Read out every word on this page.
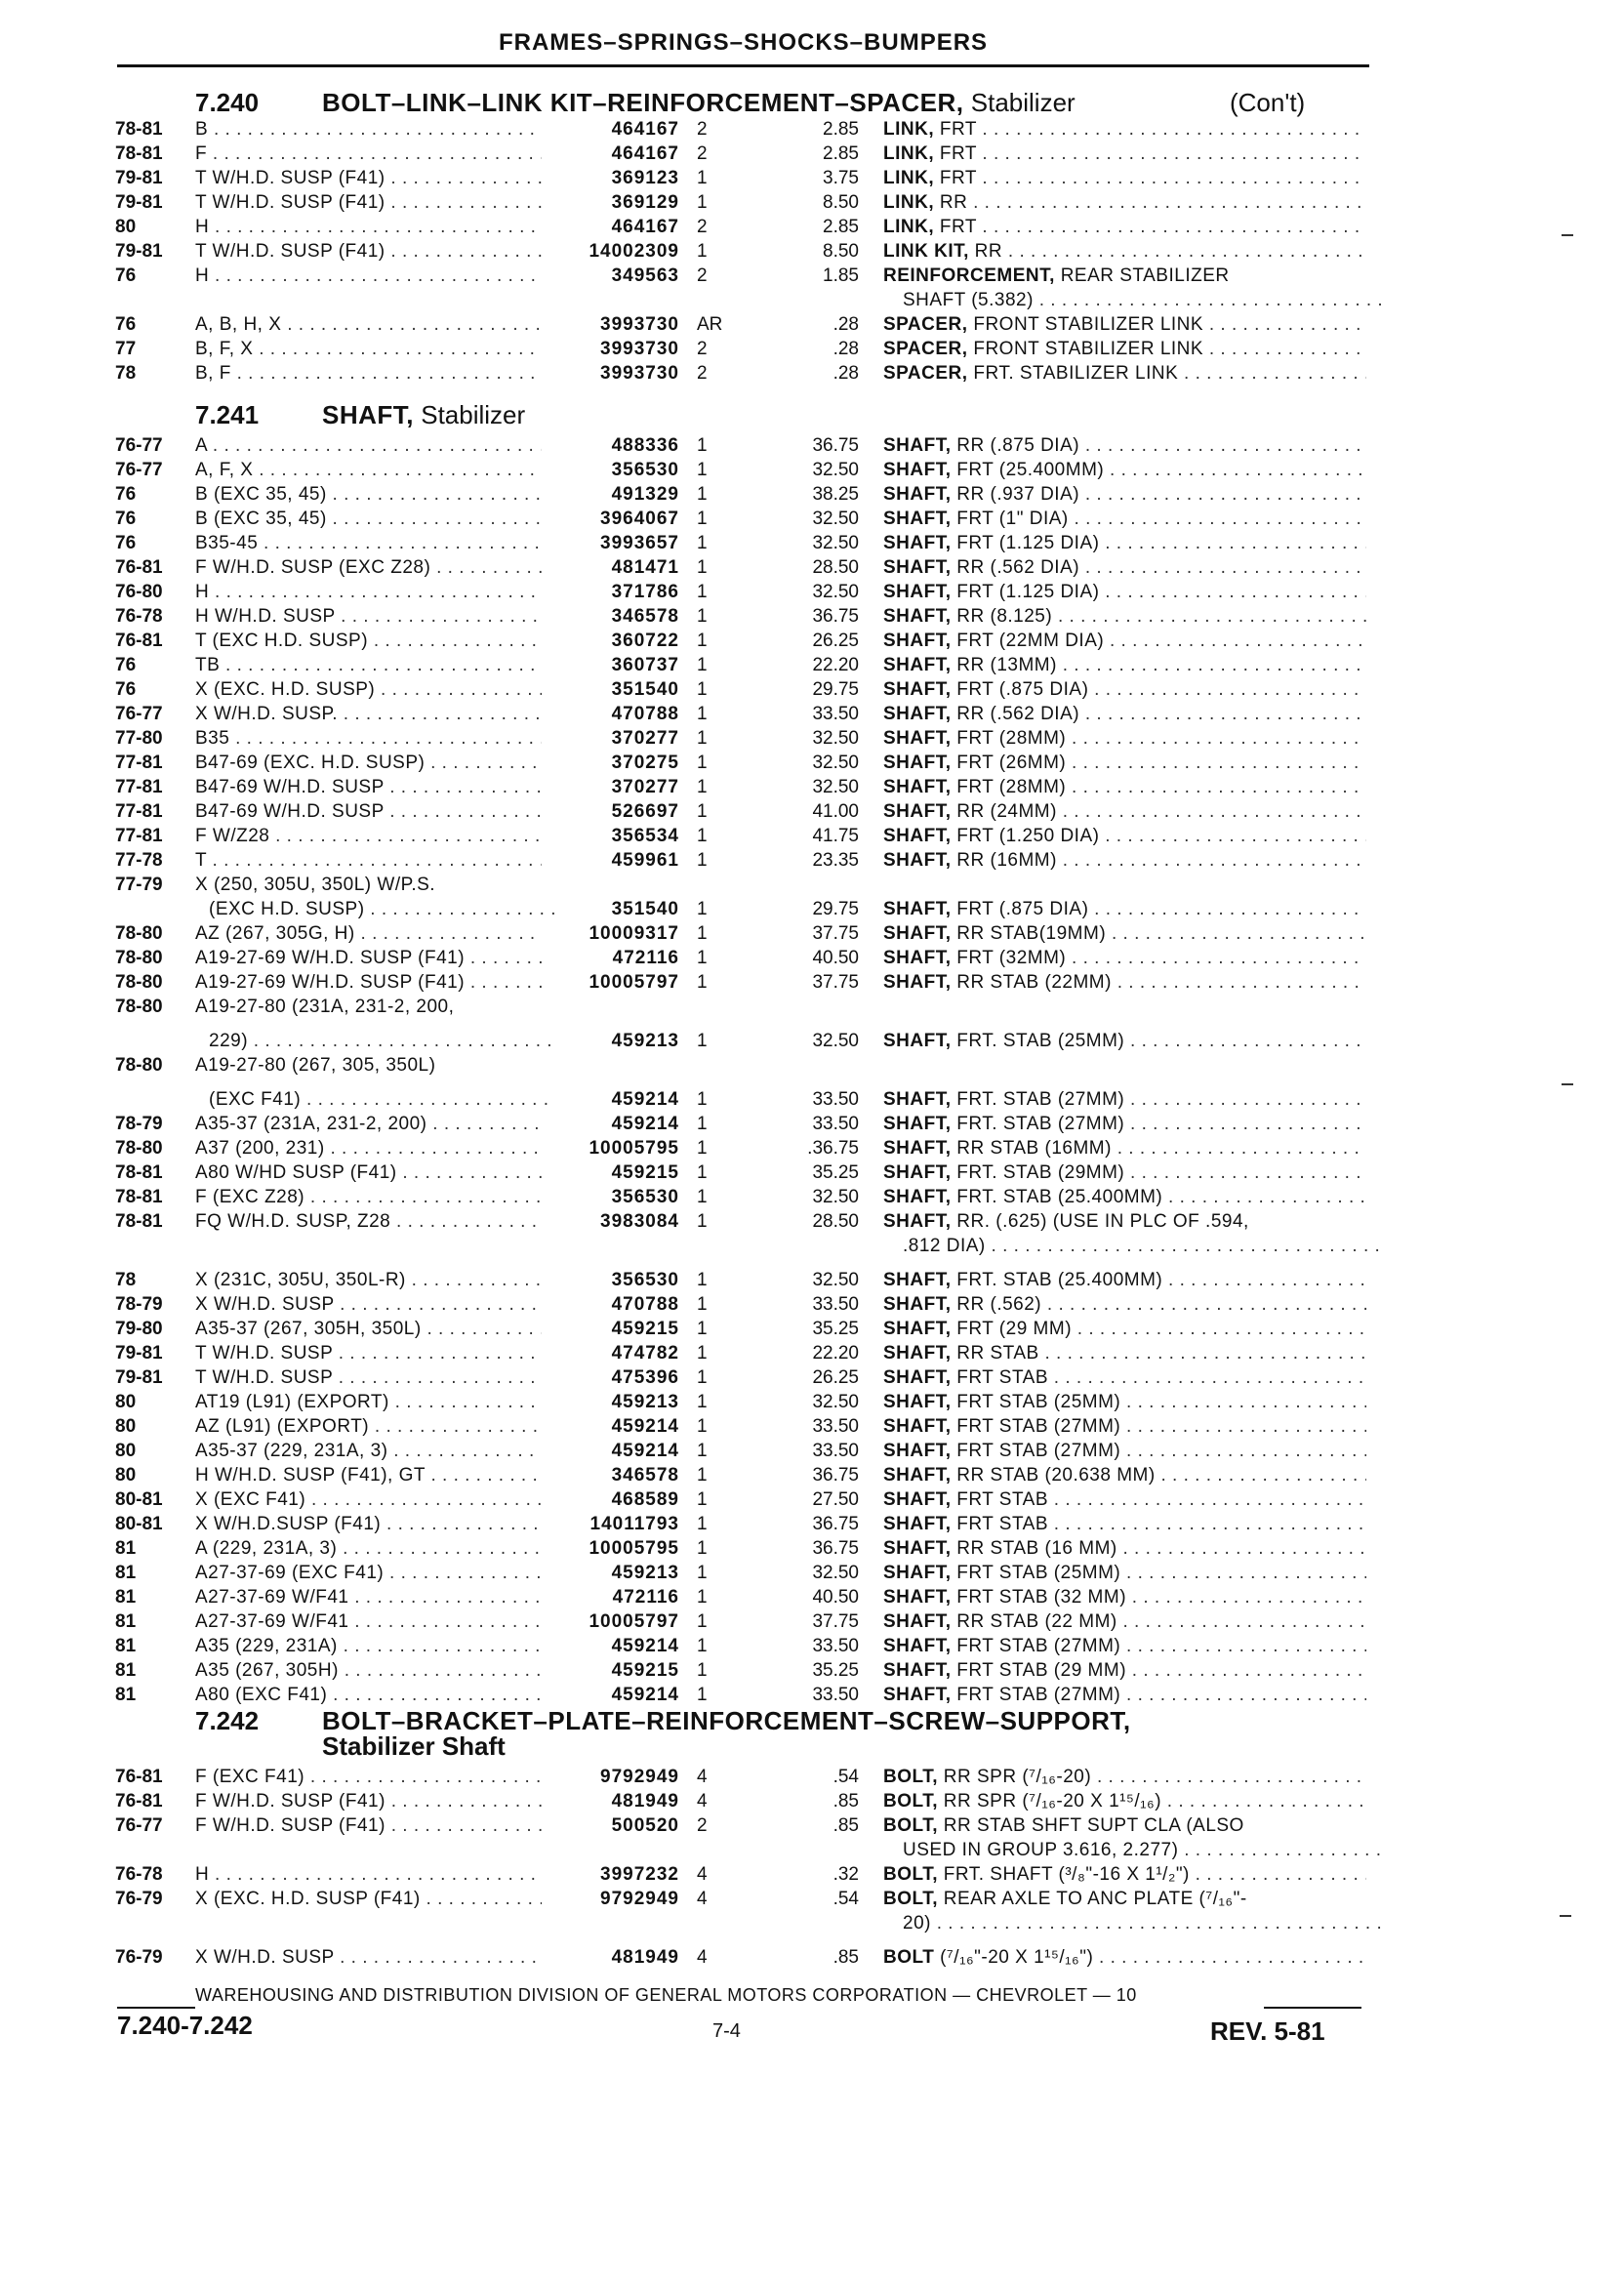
FRAMES–SPRINGS–SHOCKS–BUMPERS
7.240 BOLT–LINK–LINK KIT–REINFORCEMENT–SPACER, Stabilizer	(Con't)
78-81 B . . .	464167 2	2.85 LINK, FRT . . .
78-81 F . . .	464167 2	2.85 LINK, FRT . . .
79-81 T W/H.D. SUSP (F41) . . .	369123 1	3.75 LINK, FRT . . .
79-81 T W/H.D. SUSP (F41) . . .	369129 1	8.50 LINK, RR . . .
80	H . . .	464167 2	2.85 LINK, FRT . . .
79-81 T W/H.D. SUSP (F41) . . .	14002309 1	8.50 LINK KIT, RR . . .
76	H . . .	349563 2	1.85 REINFORCEMENT, REAR STABILIZER
SHAFT (5.382) . . .
76	A, B, H, X . . .	3993730 AR	.28 SPACER, FRONT STABILIZER LINK . . .
77	B, F, X . . .	3993730 2	.28 SPACER, FRONT STABILIZER LINK . . .
78	B, F . . .	3993730 2	.28 SPACER, FRT. STABILIZER LINK . . .
7.241 SHAFT, Stabilizer
76-77 A . . .	488336 1	36.75 SHAFT, RR (.875 DIA) . . .
76-77 A, F, X . . .	356530 1	32.50 SHAFT, FRT (25.400MM) . . .
76	B (EXC 35, 45) . . .	491329 1	38.25 SHAFT, RR (.937 DIA) . . .
76	B (EXC 35, 45) . . .	3964067 1	32.50 SHAFT, FRT (1" DIA) . . .
76	B35-45 . . .	3993657 1	32.50 SHAFT, FRT (1.125 DIA) . . .
76-81 F W/H.D. SUSP (EXC Z28) . . .	481471 1	28.50 SHAFT, RR (.562 DIA) . . .
76-80 H . . .	371786 1	32.50 SHAFT, FRT (1.125 DIA) . . .
76-78 H W/H.D. SUSP . . .	346578 1	36.75 SHAFT, RR (8.125) . . .
76-81 T (EXC H.D. SUSP) . . .	360722 1	26.25 SHAFT, FRT (22MM DIA) . . .
76	TB . . .	360737 1	22.20 SHAFT, RR (13MM) . . .
76	X (EXC. H.D. SUSP) . . .	351540 1	29.75 SHAFT, FRT (.875 DIA) . . .
76-77 X W/H.D. SUSP. . . .	470788 1	33.50 SHAFT, RR (.562 DIA) . . .
77-80 B35 . . .	370277 1	32.50 SHAFT, FRT (28MM) . . .
77-81 B47-69 (EXC. H.D. SUSP) . . .	370275 1	32.50 SHAFT, FRT (26MM) . . .
77-81 B47-69 W/H.D. SUSP . . .	370277 1	32.50 SHAFT, FRT (28MM) . . .
77-81 B47-69 W/H.D. SUSP . . .	526697 1	41.00 SHAFT, RR (24MM) . . .
77-81 F W/Z28 . . .	356534 1	41.75 SHAFT, FRT (1.250 DIA) . . .
77-78 T . . .	459961 1	23.35 SHAFT, RR (16MM) . . .
77-79 X (250, 305U, 350L) W/P.S.
(EXC H.D. SUSP) . . .	351540 1	29.75 SHAFT, FRT (.875 DIA) . . .
78-80 AZ (267, 305G, H) . . .	10009317 1	37.75 SHAFT, RR STAB(19MM) . . .
78-80 A19-27-69 W/H.D. SUSP (F41) . . .	472116 1	40.50 SHAFT, FRT (32MM) . . .
78-80 A19-27-69 W/H.D. SUSP (F41) . . .	10005797 1	37.75 SHAFT, RR STAB (22MM) . . .
78-80 A19-27-80 (231A, 231-2, 200,
229) . . .	459213 1	32.50 SHAFT, FRT. STAB (25MM) . . .
78-80 A19-27-80 (267, 305, 350L)
(EXC F41) . . .	459214 1	33.50 SHAFT, FRT. STAB (27MM) . . .
78-79 A35-37 (231A, 231-2, 200) . . .	459214 1	33.50 SHAFT, FRT. STAB (27MM) . . .
78-80 A37 (200, 231) . . .	10005795 1	.36.75 SHAFT, RR STAB (16MM) . . .
78-81 A80 W/HD SUSP (F41) . . .	459215 1	35.25 SHAFT, FRT. STAB (29MM) . . .
78-81 F (EXC Z28) . . .	356530 1	32.50 SHAFT, FRT. STAB (25.400MM) . . .
78-81 FQ W/H.D. SUSP, Z28 . . .	3983084 1	28.50 SHAFT, RR. (.625) (USE IN PLC OF .594,
.812 DIA) . . .
78	X (231C, 305U, 350L-R) . . .	356530 1	32.50 SHAFT, FRT. STAB (25.400MM) . . .
78-79 X W/H.D. SUSP . . .	470788 1	33.50 SHAFT, RR (.562) . . .
79-80 A35-37 (267, 305H, 350L) . . .	459215 1	35.25 SHAFT, FRT (29 MM) . . .
79-81 T W/H.D. SUSP . . .	474782 1	22.20 SHAFT, RR STAB . . .
79-81 T W/H.D. SUSP . . .	475396 1	26.25 SHAFT, FRT STAB . . .
80	AT19 (L91) (EXPORT) . . .	459213 1	32.50 SHAFT, FRT STAB (25MM) . . .
80	AZ (L91) (EXPORT) . . .	459214 1	33.50 SHAFT, FRT STAB (27MM) . . .
80	A35-37 (229, 231A, 3) . . .	459214 1	33.50 SHAFT, FRT STAB (27MM) . . .
80	H W/H.D. SUSP (F41), GT . . .	346578 1	36.75 SHAFT, RR STAB (20.638 MM) . . .
80-81 X (EXC F41) . . .	468589 1	27.50 SHAFT, FRT STAB . . .
80-81 X W/H.D.SUSP (F41) . . .	14011793 1	36.75 SHAFT, FRT STAB . . .
81	A (229, 231A, 3) . . .	10005795 1	36.75 SHAFT, RR STAB (16 MM) . . .
81	A27-37-69 (EXC F41) . . .	459213 1	32.50 SHAFT, FRT STAB (25MM) . . .
81	A27-37-69 W/F41 . . .	472116 1	40.50 SHAFT, FRT STAB (32 MM) . . .
81	A27-37-69 W/F41 . . .	10005797 1	37.75 SHAFT, RR STAB (22 MM) . . .
81	A35 (229, 231A) . . .	459214 1	33.50 SHAFT, FRT STAB (27MM) . . .
81	A35 (267, 305H) . . .	459215 1	35.25 SHAFT, FRT STAB (29 MM) . . .
81	A80 (EXC F41) . . .	459214 1	33.50 SHAFT, FRT STAB (27MM) . . .
7.242 BOLT–BRACKET–PLATE–REINFORCEMENT–SCREW–SUPPORT,
Stabilizer Shaft
76-81 F (EXC F41) . . .	9792949 4	.54 BOLT, RR SPR (⁷/₁₆-20) . . .
76-81 F W/H.D. SUSP (F41) . . .	481949 4	.85 BOLT, RR SPR (⁷/₁₆-20 X 1¹⁵/₁₆) . . .
76-77 F W/H.D. SUSP (F41) . . .	500520 2	.85 BOLT, RR STAB SHFT SUPT CLA (ALSO
USED IN GROUP 3.616, 2.277) . . .
76-78 H . . .	3997232 4	.32 BOLT, FRT. SHAFT (³/₈"-16 X 1¹/₂") . . .
76-79 X (EXC. H.D. SUSP (F41) . . .	9792949 4	.54 BOLT, REAR AXLE TO ANC PLATE (⁷/₁₆"-
20) . . .
76-79 X W/H.D. SUSP . . .	481949 4	.85 BOLT (⁷/₁₆"-20 X 1¹⁵/₁₆") . . .
WAREHOUSING AND DISTRIBUTION DIVISION OF GENERAL MOTORS CORPORATION — CHEVROLET — 10
7.240-7.242	7-4	REV. 5-81
